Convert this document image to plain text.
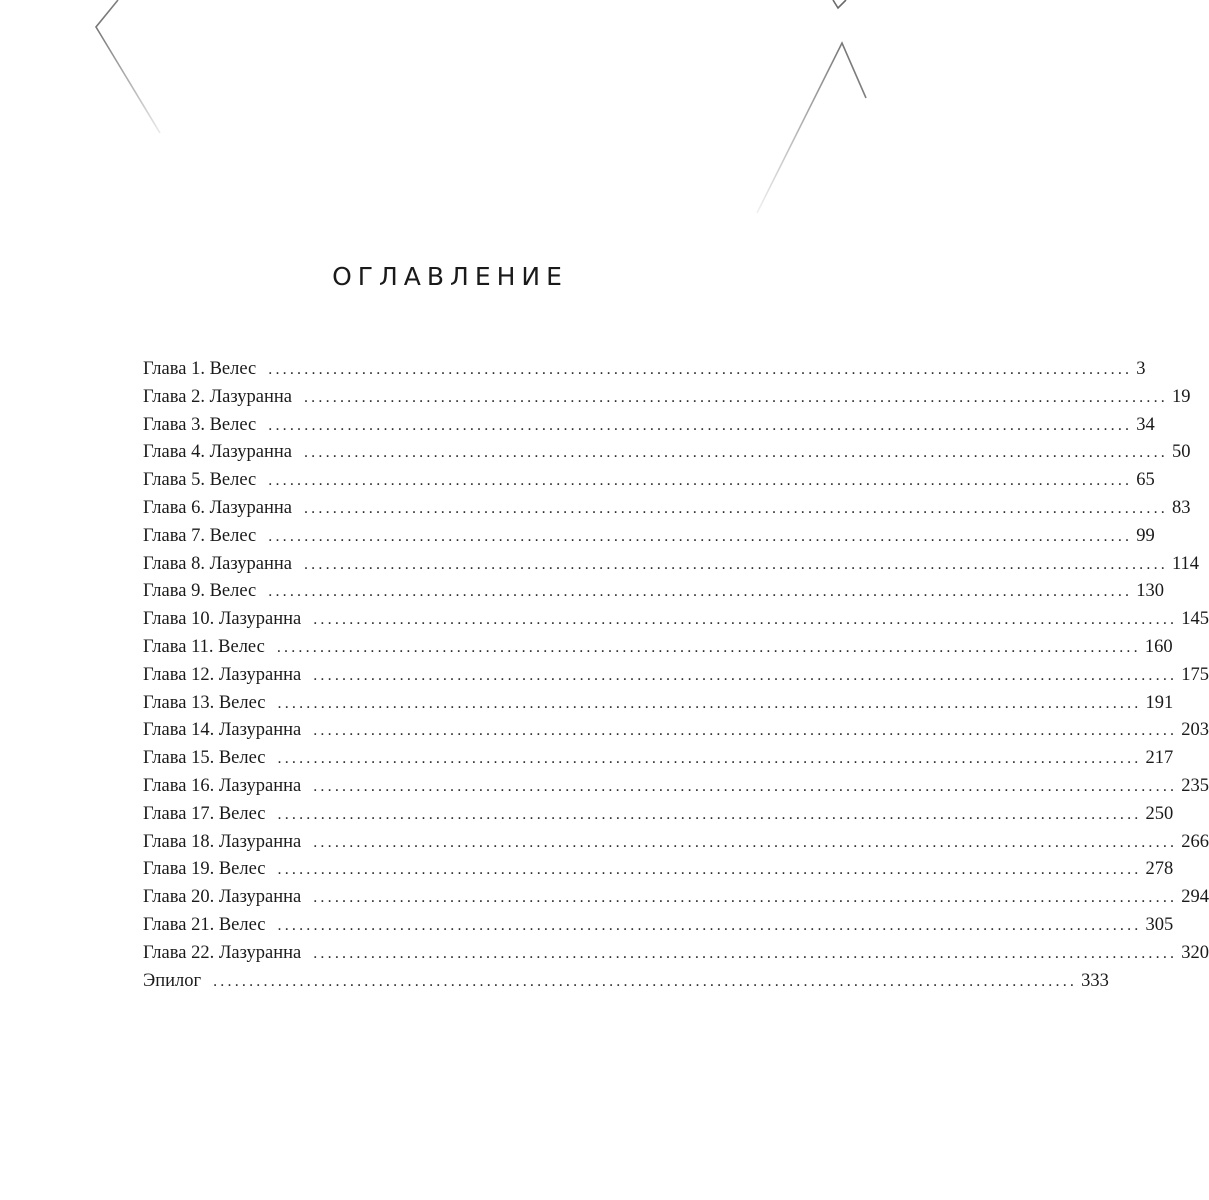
ОГЛАВЛЕНИЕ
Глава 1. Велес ........................................................................................................................ 3
Глава 2. Лазуранна ........................................................................................................................ 19
Глава 3. Велес ........................................................................................................................ 34
Глава 4. Лазуранна ........................................................................................................................ 50
Глава 5. Велес ........................................................................................................................ 65
Глава 6. Лазуранна ........................................................................................................................ 83
Глава 7. Велес ........................................................................................................................ 99
Глава 8. Лазуранна ........................................................................................................................ 114
Глава 9. Велес ........................................................................................................................ 130
Глава 10. Лазуранна ........................................................................................................................ 145
Глава 11. Велес ........................................................................................................................ 160
Глава 12. Лазуранна ........................................................................................................................ 175
Глава 13. Велес ........................................................................................................................ 191
Глава 14. Лазуранна ........................................................................................................................ 203
Глава 15. Велес ........................................................................................................................ 217
Глава 16. Лазуранна ........................................................................................................................ 235
Глава 17. Велес ........................................................................................................................ 250
Глава 18. Лазуранна ........................................................................................................................ 266
Глава 19. Велес ........................................................................................................................ 278
Глава 20. Лазуранна ........................................................................................................................ 294
Глава 21. Велес ........................................................................................................................ 305
Глава 22. Лазуранна ........................................................................................................................ 320
Эпилог ........................................................................................................................ 333
